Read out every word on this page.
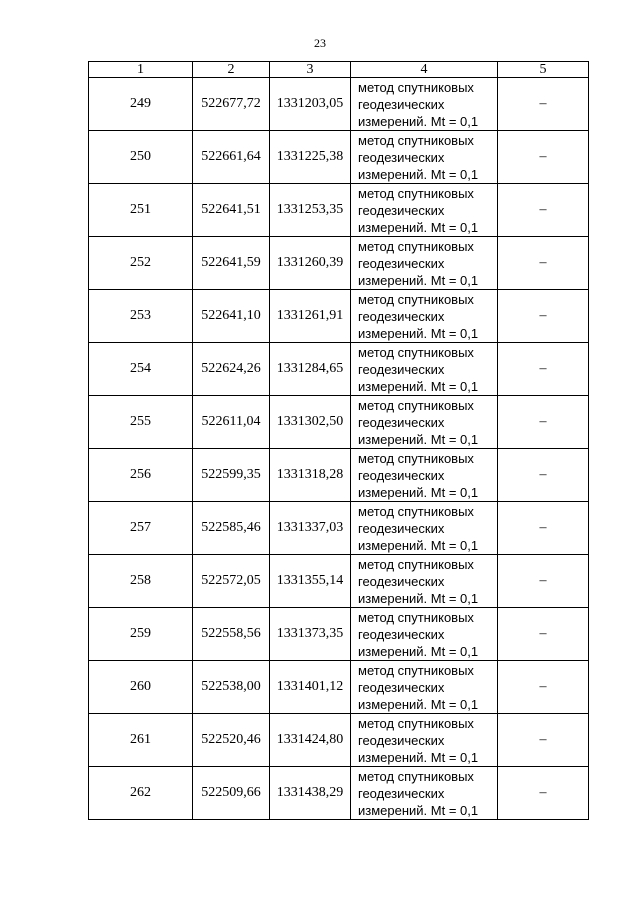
23
1	2	3	4	5
249	522677,72	1331203,05	метод спутниковых
геодезических
измерений. Mt = 0,1	–
250	522661,64	1331225,38	метод спутниковых
геодезических
измерений. Mt = 0,1	–
251	522641,51	1331253,35	метод спутниковых
геодезических
измерений. Mt = 0,1	–
252	522641,59	1331260,39	метод спутниковых
геодезических
измерений. Mt = 0,1	–
253	522641,10	1331261,91	метод спутниковых
геодезических
измерений. Mt = 0,1	–
254	522624,26	1331284,65	метод спутниковых
геодезических
измерений. Mt = 0,1	–
255	522611,04	1331302,50	метод спутниковых
геодезических
измерений. Mt = 0,1	–
256	522599,35	1331318,28	метод спутниковых
геодезических
измерений. Mt = 0,1	–
257	522585,46	1331337,03	метод спутниковых
геодезических
измерений. Mt = 0,1	–
258	522572,05	1331355,14	метод спутниковых
геодезических
измерений. Mt = 0,1	–
259	522558,56	1331373,35	метод спутниковых
геодезических
измерений. Mt = 0,1	–
260	522538,00	1331401,12	метод спутниковых
геодезических
измерений. Mt = 0,1	–
261	522520,46	1331424,80	метод спутниковых
геодезических
измерений. Mt = 0,1	–
262	522509,66	1331438,29	метод спутниковых
геодезических
измерений. Mt = 0,1	–
